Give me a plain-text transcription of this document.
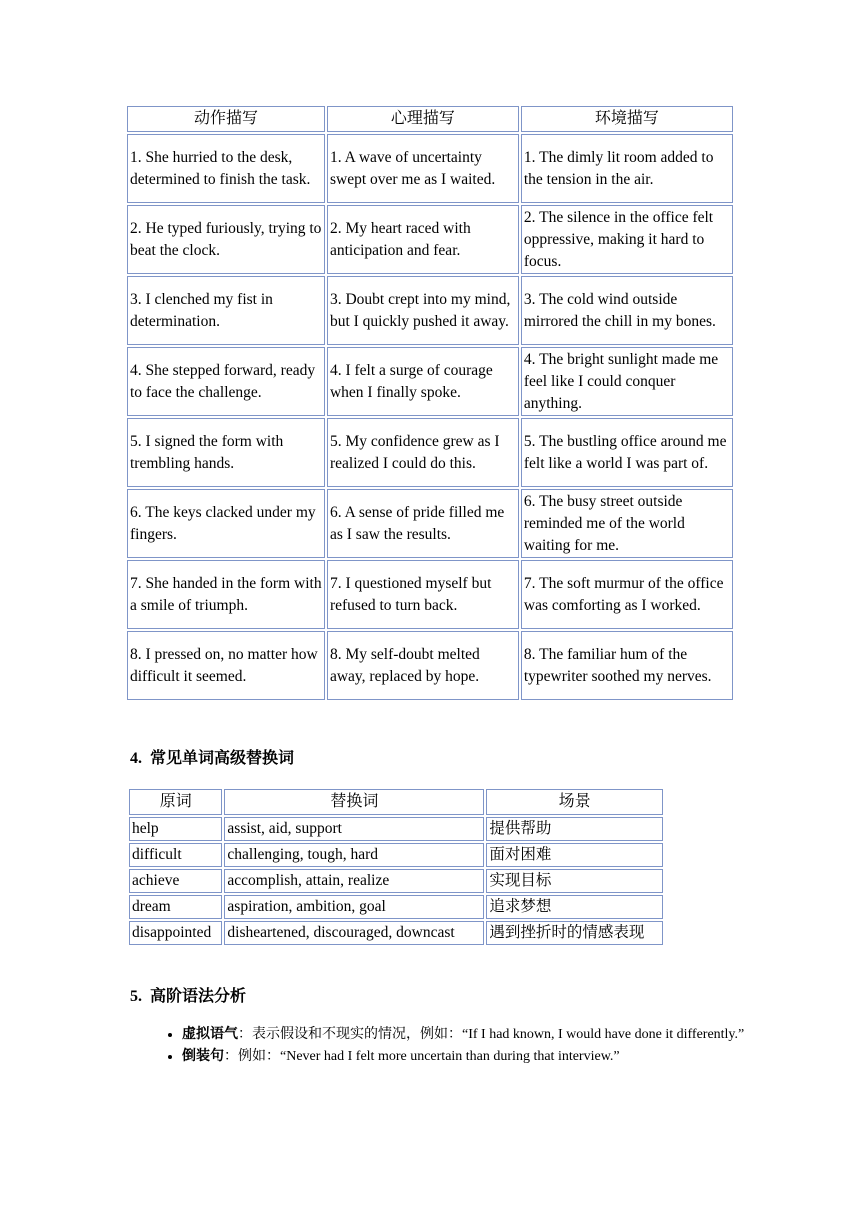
动作描写	心理描写	环境描写
1. She hurried to the desk, determined to finish the task.	1. A wave of uncertainty swept over me as I waited.	1. The dimly lit room added to the tension in the air.
2. He typed furiously, trying to beat the clock.	2. My heart raced with anticipation and fear.	2. The silence in the office felt oppressive, making it hard to focus.
3. I clenched my fist in determination.	3. Doubt crept into my mind, but I quickly pushed it away.	3. The cold wind outside mirrored the chill in my bones.
4. She stepped forward, ready to face the challenge.	4. I felt a surge of courage when I finally spoke.	4. The bright sunlight made me feel like I could conquer anything.
5. I signed the form with trembling hands.	5. My confidence grew as I realized I could do this.	5. The bustling office around me felt like a world I was part of.
6. The keys clacked under my fingers.	6. A sense of pride filled me as I saw the results.	6. The busy street outside reminded me of the world waiting for me.
7. She handed in the form with a smile of triumph.	7. I questioned myself but refused to turn back.	7. The soft murmur of the office was comforting as I worked.
8. I pressed on, no matter how difficult it seemed.	8. My self-doubt melted away, replaced by hope.	8. The familiar hum of the typewriter soothed my nerves.
4. 常见单词高级替换词
原词	替换词	场景
help	assist, aid, support	提供帮助
difficult	challenging, tough, hard	面对困难
achieve	accomplish, attain, realize	实现目标
dream	aspiration, ambition, goal	追求梦想
disappointed	disheartened, discouraged, downcast	遇到挫折时的情感表现
5. 高阶语法分析
• 虚拟语气：表示假设和不现实的情况，例如：“If I had known, I would have done it differently.”
• 倒装句：例如：“Never had I felt more uncertain than during that interview.”
